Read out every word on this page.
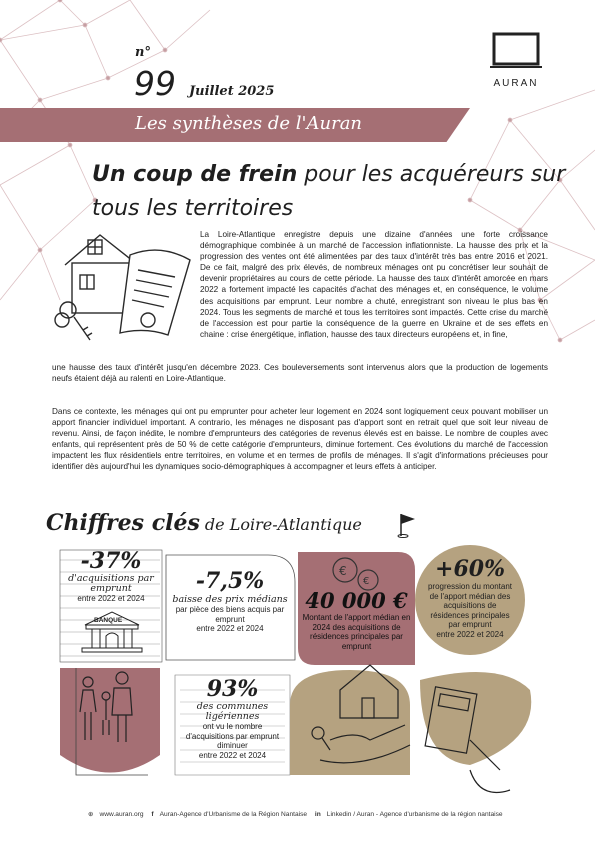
n°
99 Juillet 2025
AURAN
Les synthèses de l'Auran
Un coup de frein pour les acquéreurs sur
tous les territoires

La Loire-Atlantique enregistre depuis une dizaine d'années une forte croissance démographique combinée à un marché de l'accession inflationniste. La hausse des prix et la progression des ventes ont été alimentées par des taux d'intérêt très bas entre 2016 et 2021. De ce fait, malgré des prix élevés, de nombreux ménages ont pu concrétiser leur souhait de devenir propriétaires au cours de cette période. La hausse des taux d'intérêt amorcée en mars 2022 a fortement impacté les capacités d'achat des ménages et, en conséquence, le volume des acquisitions par emprunt. Leur nombre a chuté, enregistrant son niveau le plus bas en 2024. Tous les segments de marché et tous les territoires sont impactés. Cette crise du marché de l'accession est pour partie la conséquence de la guerre en Ukraine et de ses effets en chaine : crise énergétique, inflation, hausse des taux directeurs européens et, in fine,

une hausse des taux d'intérêt jusqu'en décembre 2023. Ces bouleversements sont intervenus alors que la production de logements neufs étaient déjà au ralenti en Loire-Atlantique.

Dans ce contexte, les ménages qui ont pu emprunter pour acheter leur logement en 2024 sont logiquement ceux pouvant mobiliser un apport financier individuel important. A contrario, les ménages ne disposant pas d'apport sont en retrait quel que soit leur niveau de revenu. Ainsi, de façon inédite, le nombre d'emprunteurs des catégories de revenus élevés est en baisse. Le nombre de couples avec enfants, qui représentent près de 50 % de cette catégorie d'emprunteurs, diminue fortement. Ces évolutions du marché de l'accession impactent les flux résidentiels entre territoires, en volume et en termes de profils de ménages. Il s'agit d'informations précieuses pour identifier dès aujourd'hui les dynamiques socio-démographiques à accompagner et leurs effets à anticiper.

Chiffres clés de Loire-Atlantique
€
€
-37%
d'acquisitions par emprunt
entre 2022 et 2024
BANQUE
-7,5%
baisse des prix médians
par pièce des biens acquis par emprunt
entre 2022 et 2024
40 000 €
Montant de l'apport médian en 2024 des acquisitions de résidences principales par emprunt
+60%
progression du montant de l'apport médian des acquisitions de résidences principales par emprunt
entre 2022 et 2024
93%
des communes ligériennes
ont vu le nombre d'acquisitions par emprunt diminuer
entre 2022 et 2024
⊕ www.auran.org f Auran-Agence d'Urbanisme de la Région Nantaise in Linkedin / Auran - Agence d'urbanisme de la région nantaise
